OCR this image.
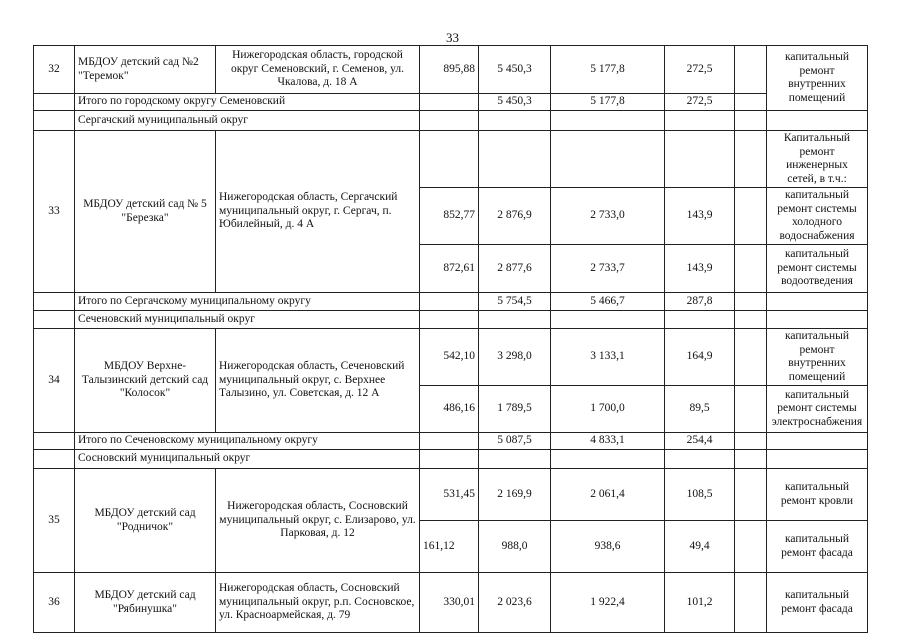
33
32	МБДОУ детский сад №2 "Теремок"	Нижегородская область, городской округ Семеновский, г. Семенов, ул. Чкалова, д. 18 А	895,88	5 450,3	5 177,8	272,5		капитальный ремонт внутренних помещений
	Итого по городскому округу Семеновский			5 450,3	5 177,8	272,5		
	Сергачский муниципальный округ							
33	МБДОУ детский сад № 5 "Березка"	Нижегородская область, Сергачский муниципальный округ, г. Сергач, п. Юбилейный, д. 4 А						Капитальный ремонт инженерных сетей, в т.ч.:
			852,77	2 876,9	2 733,0	143,9		капитальный ремонт системы холодного водоснабжения
			872,61	2 877,6	2 733,7	143,9		капитальный ремонт системы водоотведения
	Итого по Сергачскому муниципальному округу			5 754,5	5 466,7	287,8		
	Сеченовский муниципальный округ							
34	МБДОУ Верхне-Талызинский детский сад "Колосок"	Нижегородская область, Сеченовский муниципальный округ, с. Верхнее Талызино, ул. Советская, д. 12 А	542,10	3 298,0	3 133,1	164,9		капитальный ремонт внутренних помещений
			486,16	1 789,5	1 700,0	89,5		капитальный ремонт системы электроснабжения
	Итого по Сеченовскому муниципальному округу			5 087,5	4 833,1	254,4		
	Сосновский муниципальный округ							
35	МБДОУ детский сад "Родничок"	Нижегородская область, Сосновский муниципальный округ, с. Елизарово, ул. Парковая, д. 12	531,45	2 169,9	2 061,4	108,5		капитальный ремонт кровли
			161,12	988,0	938,6	49,4		капитальный ремонт фасада
36	МБДОУ детский сад "Рябинушка"	Нижегородская область, Сосновский муниципальный округ, р.п. Сосновское, ул. Красноармейская, д. 79	330,01	2 023,6	1 922,4	101,2		капитальный ремонт фасада
